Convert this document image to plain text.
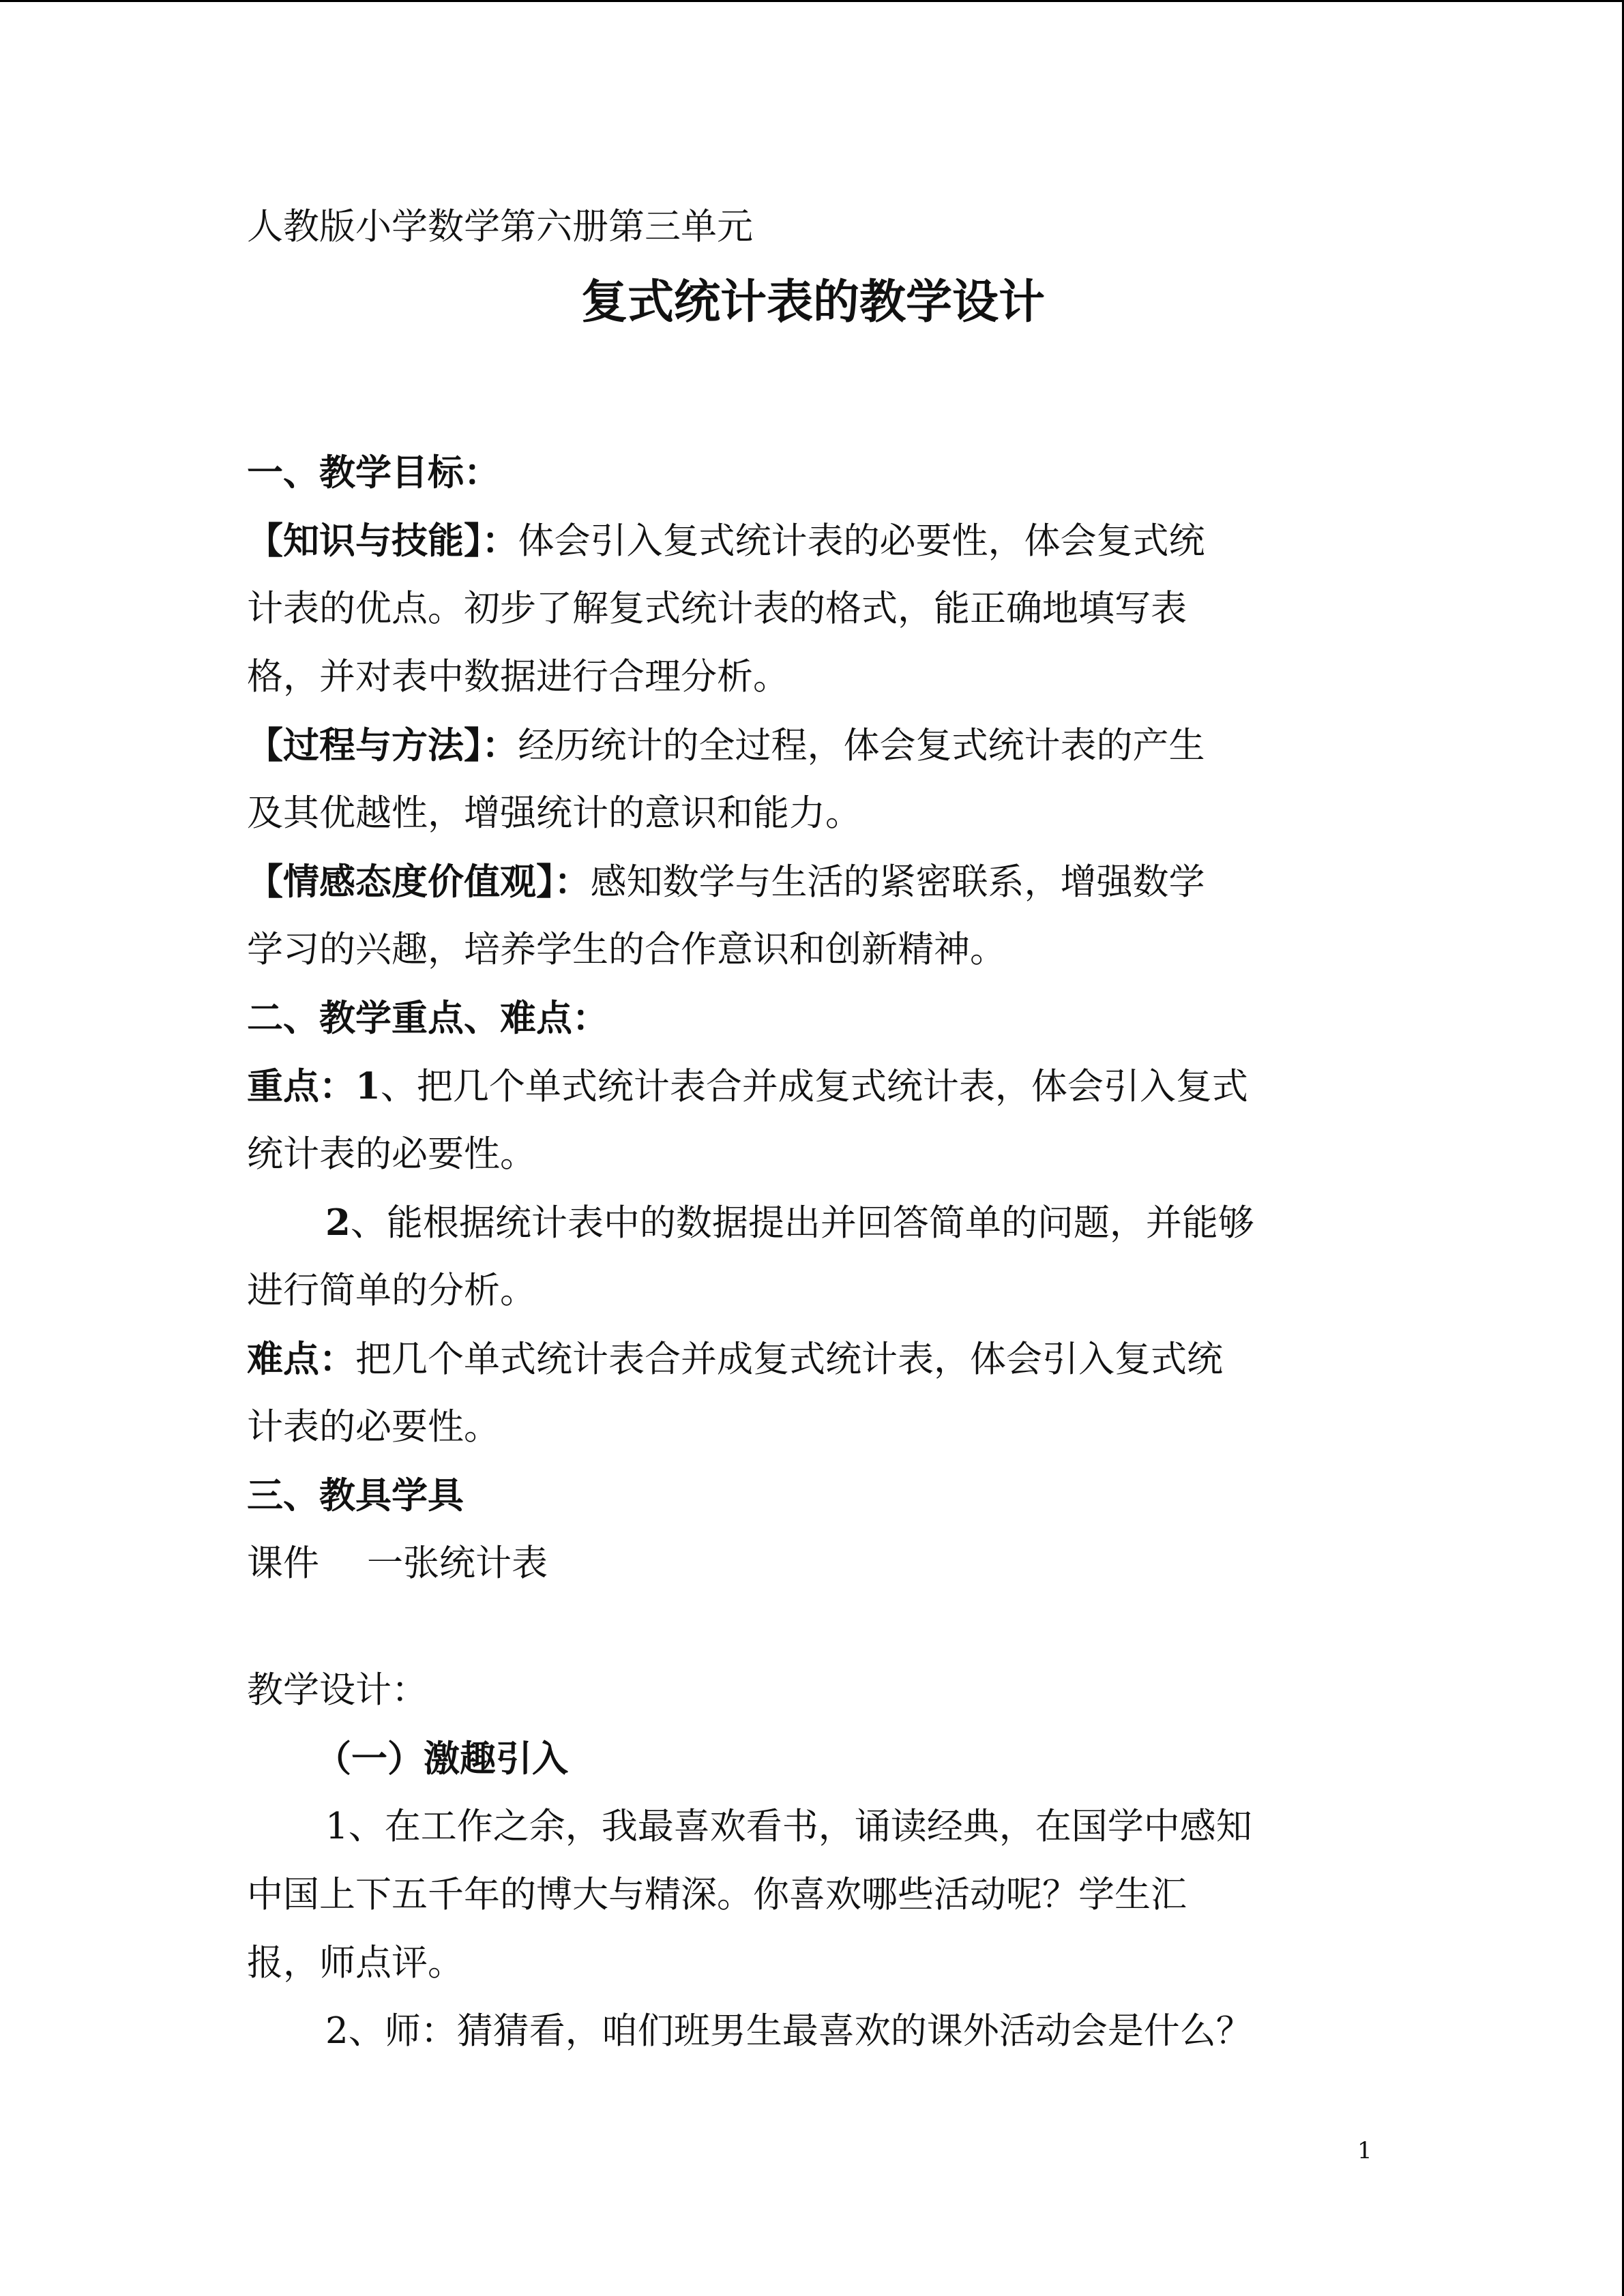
人教版小学数学第六册第三单元
复式统计表的教学设计
一、教学目标：
【知识与技能】：体会引入复式统计表的必要性，体会复式统
计表的优点。初步了解复式统计表的格式，能正确地填写表
格，并对表中数据进行合理分析。
【过程与方法】：经历统计的全过程，体会复式统计表的产生
及其优越性，增强统计的意识和能力。
【情感态度价值观】：感知数学与生活的紧密联系，增强数学
学习的兴趣，培养学生的合作意识和创新精神。
二、教学重点、难点：
重点：1、把几个单式统计表合并成复式统计表，体会引入复式
统计表的必要性。
2、能根据统计表中的数据提出并回答简单的问题，并能够
进行简单的分析。
难点：把几个单式统计表合并成复式统计表，体会引入复式统
计表的必要性。
三、教具学具
课件 一张统计表
教学设计：
（一）激趣引入
1、在工作之余，我最喜欢看书，诵读经典，在国学中感知
中国上下五千年的博大与精深。你喜欢哪些活动呢？学生汇
报，师点评。
2、师：猜猜看，咱们班男生最喜欢的课外活动会是什么？
1
